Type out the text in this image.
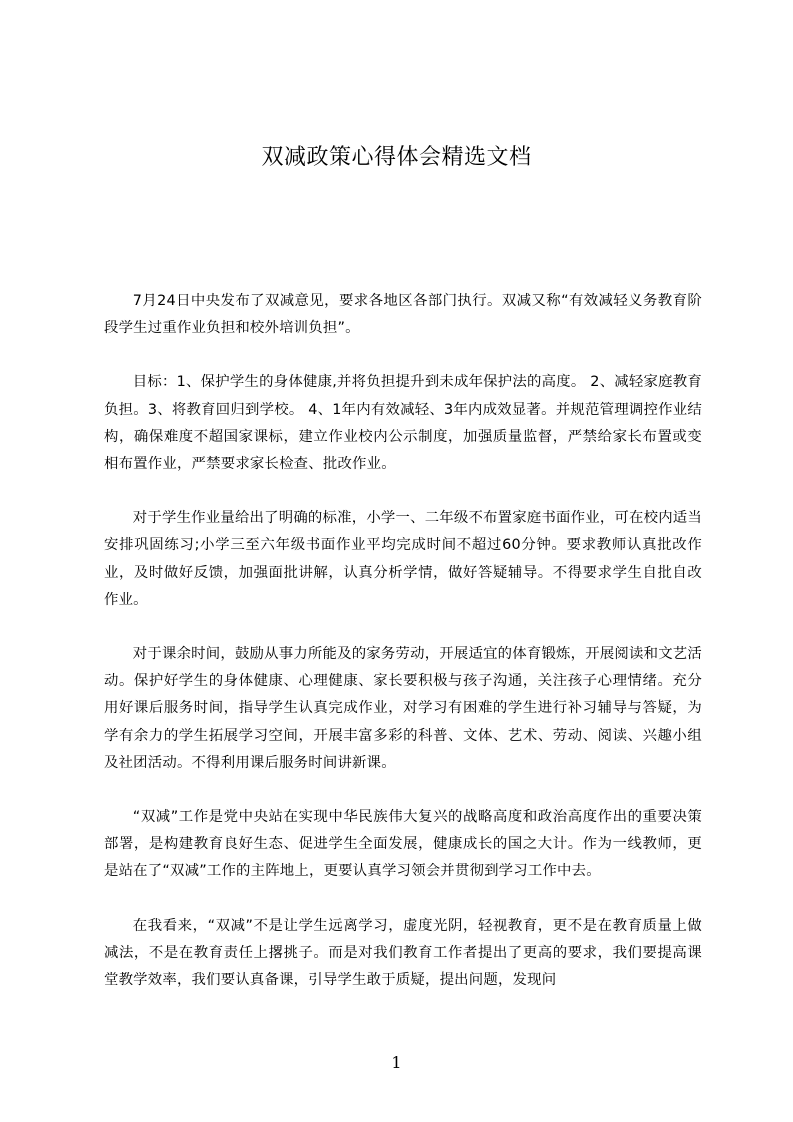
双减政策心得体会精选文档

7月24日中央发布了双减意见，要求各地区各部门执行。双减又称“有效减轻义务教育阶段学生过重作业负担和校外培训负担”。

目标：1、保护学生的身体健康,并将负担提升到未成年保护法的高度。 2、减轻家庭教育负担。3、将教育回归到学校。 4、1年内有效减轻、3年内成效显著。并规范管理调控作业结构，确保难度不超国家课标，建立作业校内公示制度，加强质量监督，严禁给家长布置或变相布置作业，严禁要求家长检查、批改作业。

对于学生作业量给出了明确的标准，小学一、二年级不布置家庭书面作业，可在校内适当安排巩固练习;小学三至六年级书面作业平均完成时间不超过60分钟。要求教师认真批改作业，及时做好反馈，加强面批讲解，认真分析学情，做好答疑辅导。不得要求学生自批自改作业。

对于课余时间，鼓励从事力所能及的家务劳动，开展适宜的体育锻炼，开展阅读和文艺活动。保护好学生的身体健康、心理健康、家长要积极与孩子沟通，关注孩子心理情绪。充分用好课后服务时间，指导学生认真完成作业，对学习有困难的学生进行补习辅导与答疑，为学有余力的学生拓展学习空间，开展丰富多彩的科普、文体、艺术、劳动、阅读、兴趣小组及社团活动。不得利用课后服务时间讲新课。

“双减”工作是党中央站在实现中华民族伟大复兴的战略高度和政治高度作出的重要决策部署，是构建教育良好生态、促进学生全面发展，健康成长的国之大计。作为一线教师，更是站在了“双减”工作的主阵地上，更要认真学习领会并贯彻到学习工作中去。

在我看来，“双减”不是让学生远离学习，虚度光阴，轻视教育，更不是在教育质量上做减法，不是在教育责任上撂挑子。而是对我们教育工作者提出了更高的要求，我们要提高课堂教学效率，我们要认真备课，引导学生敢于质疑，提出问题，发现问

1
